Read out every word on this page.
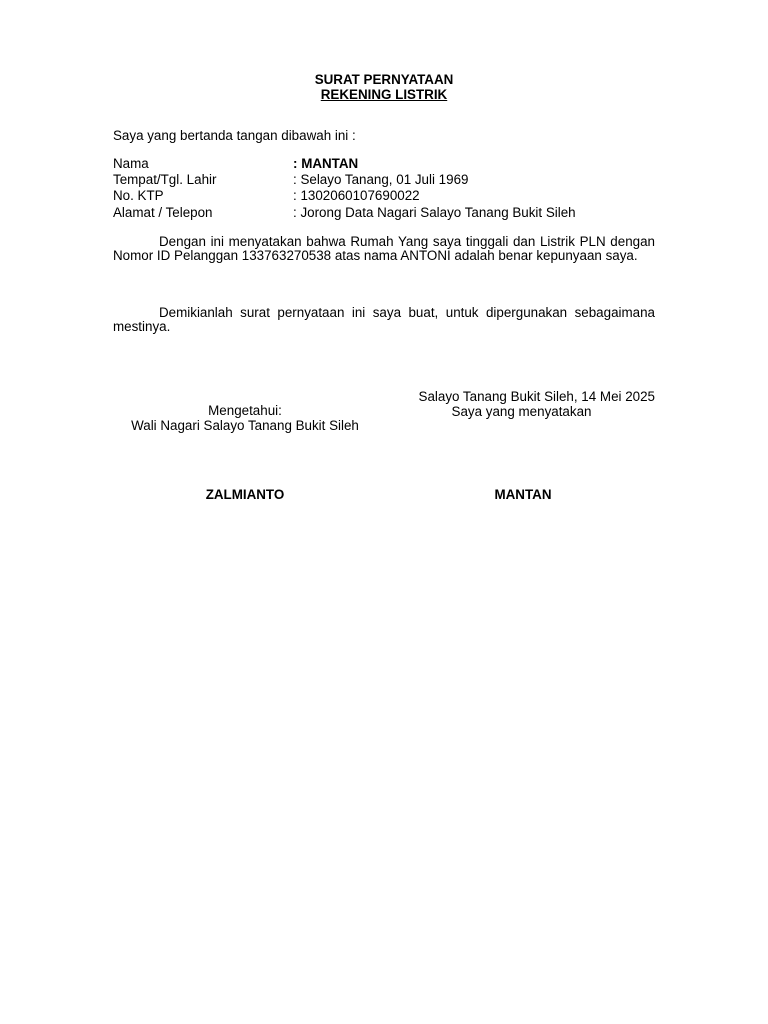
SURAT PERNYATAAN
REKENING LISTRIK
Saya yang bertanda tangan dibawah ini :
Nama	: MANTAN
Tempat/Tgl. Lahir	: Selayo Tanang, 01 Juli 1969
No. KTP	: 1302060107690022
Alamat / Telepon	: Jorong Data Nagari Salayo Tanang Bukit Sileh
Dengan ini menyatakan bahwa Rumah Yang saya tinggali dan Listrik PLN dengan Nomor ID Pelanggan 133763270538 atas nama ANTONI adalah benar kepunyaan saya.
Demikianlah surat pernyataan ini saya buat, untuk dipergunakan sebagaimana mestinya.
Salayo Tanang Bukit Sileh, 14 Mei 2025
Mengetahui:	Saya yang menyatakan
Wali Nagari Salayo Tanang Bukit Sileh
ZALMIANTO	MANTAN
